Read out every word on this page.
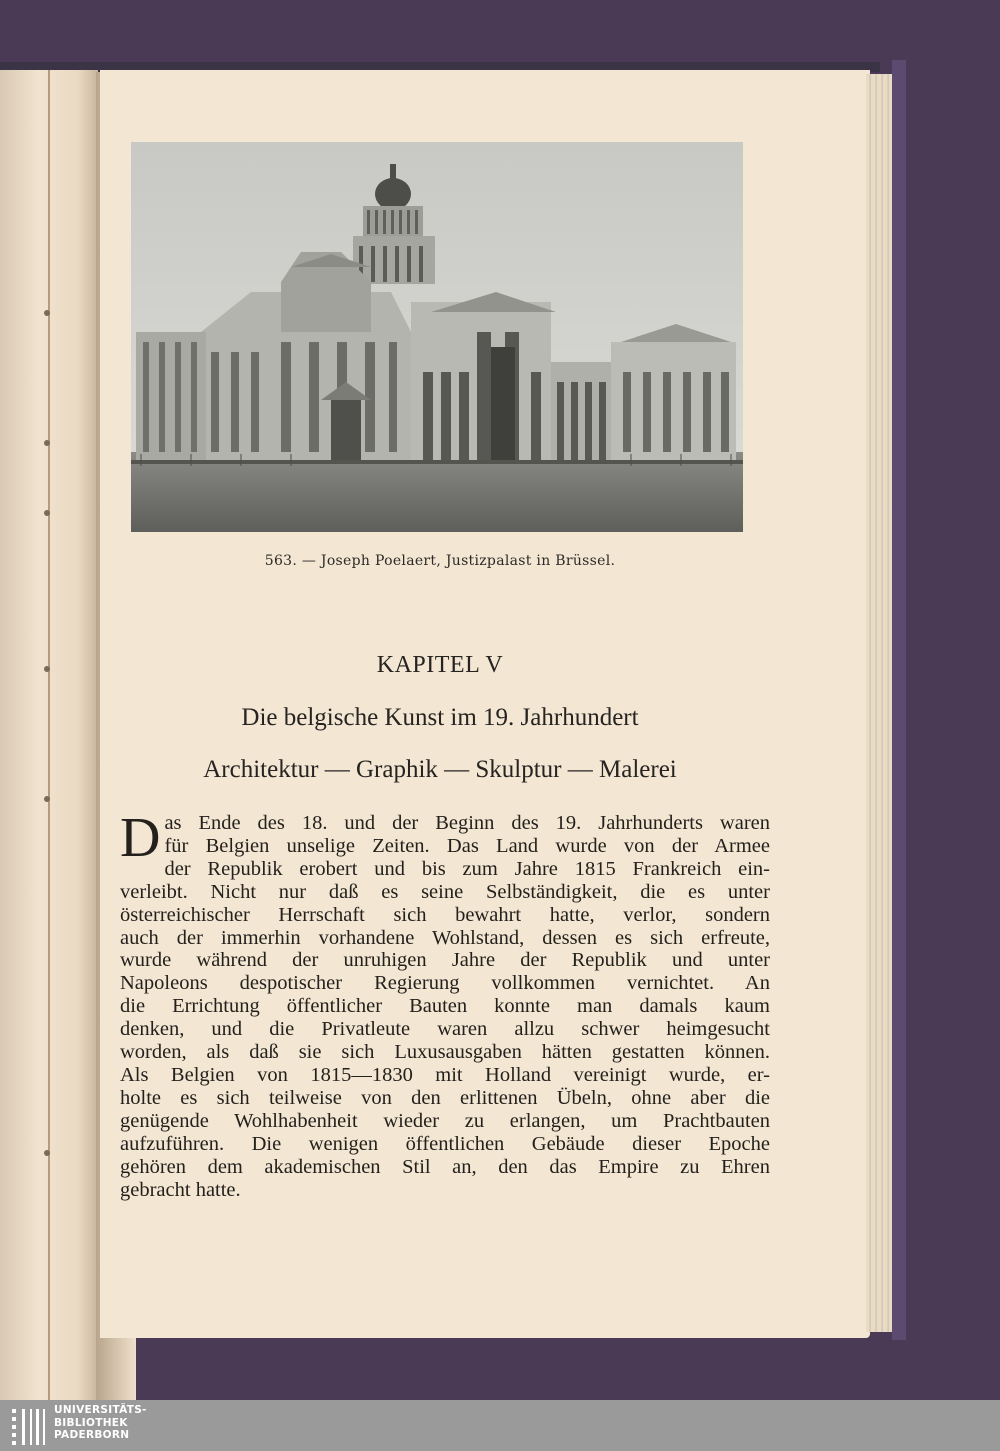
563. — Joseph Poelaert, Justizpalast in Brüssel.
KAPITEL V
Die belgische Kunst im 19. Jahrhundert
Architektur — Graphik — Skulptur — Malerei
D as Ende des 18. und der Beginn des 19. Jahrhunderts waren
für Belgien unselige Zeiten. Das Land wurde von der Armee
der Republik erobert und bis zum Jahre 1815 Frankreich ein-
verleibt. Nicht nur daß es seine Selbständigkeit, die es unter
österreichischer Herrschaft sich bewahrt hatte, verlor, sondern
auch der immerhin vorhandene Wohlstand, dessen es sich erfreute,
wurde während der unruhigen Jahre der Republik und unter
Napoleons despotischer Regierung vollkommen vernichtet. An
die Errichtung öffentlicher Bauten konnte man damals kaum
denken, und die Privatleute waren allzu schwer heimgesucht
worden, als daß sie sich Luxusausgaben hätten gestatten können.
Als Belgien von 1815—1830 mit Holland vereinigt wurde, er-
holte es sich teilweise von den erlittenen Übeln, ohne aber die
genügende Wohlhabenheit wieder zu erlangen, um Prachtbauten
aufzuführen. Die wenigen öffentlichen Gebäude dieser Epoche
gehören dem akademischen Stil an, den das Empire zu Ehren
gebracht hatte.
UNIVERSITÄTS-
BIBLIOTHEK
PADERBORN
